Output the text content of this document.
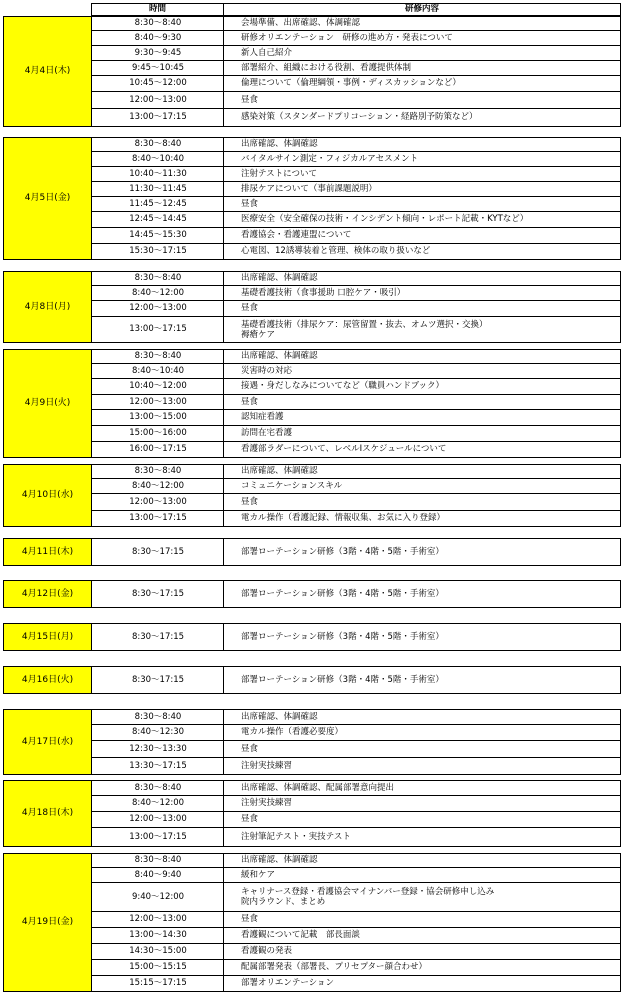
時間	研修内容
4月4日(木)
8:30〜8:40	会場準備、出席確認、体調確認
8:40〜9:30	研修オリエンテーション　研修の進め方・発表について
9:30〜9:45	新人自己紹介
9:45〜10:45	部署紹介、組織における役割、看護提供体制
10:45〜12:00	倫理について（倫理綱領・事例・ディスカッションなど）
12:00〜13:00	昼食
13:00〜17:15	感染対策（スタンダードプリコーション・経路別予防策など）
4月5日(金)
8:30〜8:40	出席確認、体調確認
8:40〜10:40	バイタルサイン測定・フィジカルアセスメント
10:40〜11:30	注射テストについて
11:30〜11:45	排尿ケアについて（事前課題説明）
11:45〜12:45	昼食
12:45〜14:45	医療安全（安全確保の技術・インシデント傾向・レポート記載・KYTなど）
14:45〜15:30	看護協会・看護連盟について
15:30〜17:15	心電図、12誘導装着と管理、検体の取り扱いなど
4月8日(月)
8:30〜8:40	出席確認、体調確認
8:40〜12:00	基礎看護技術（食事援助 口腔ケア・吸引）
12:00〜13:00	昼食
13:00〜17:15	基礎看護技術（排尿ケア：尿管留置・抜去、オムツ選択・交換）
褥瘡ケア
4月9日(火)
8:30〜8:40	出席確認、体調確認
8:40〜10:40	災害時の対応
10:40〜12:00	接遇・身だしなみについてなど（職員ハンドブック）
12:00〜13:00	昼食
13:00〜15:00	認知症看護
15:00〜16:00	訪問在宅看護
16:00〜17:15	看護部ラダーについて、レベルⅠスケジュールについて
4月10日(水)
8:30〜8:40	出席確認、体調確認
8:40〜12:00	コミュニケーションスキル
12:00〜13:00	昼食
13:00〜17:15	電カル操作（看護記録、情報収集、お気に入り登録）
4月11日(木)	8:30〜17:15	部署ローテーション研修（3階・4階・5階・手術室）
4月12日(金)	8:30〜17:15	部署ローテーション研修（3階・4階・5階・手術室）
4月15日(月)	8:30〜17:15	部署ローテーション研修（3階・4階・5階・手術室）
4月16日(火)	8:30〜17:15	部署ローテーション研修（3階・4階・5階・手術室）
4月17日(水)
8:30〜8:40	出席確認、体調確認
8:40〜12:30	電カル操作（看護必要度）
12:30〜13:30	昼食
13:30〜17:15	注射実技練習
4月18日(木)
8:30〜8:40	出席確認、体調確認、配属部署意向提出
8:40〜12:00	注射実技練習
12:00〜13:00	昼食
13:00〜17:15	注射筆記テスト・実技テスト
4月19日(金)
8:30〜8:40	出席確認、体調確認
8:40〜9:40	緩和ケア
9:40〜12:00	キャリナース登録・看護協会マイナンバー登録・協会研修申し込み
院内ラウンド、まとめ
12:00〜13:00	昼食
13:00〜14:30	看護観について記載　部長面談
14:30〜15:00	看護観の発表
15:00〜15:15	配属部署発表（部署長、プリセプター顔合わせ）
15:15〜17:15	部署オリエンテーション
